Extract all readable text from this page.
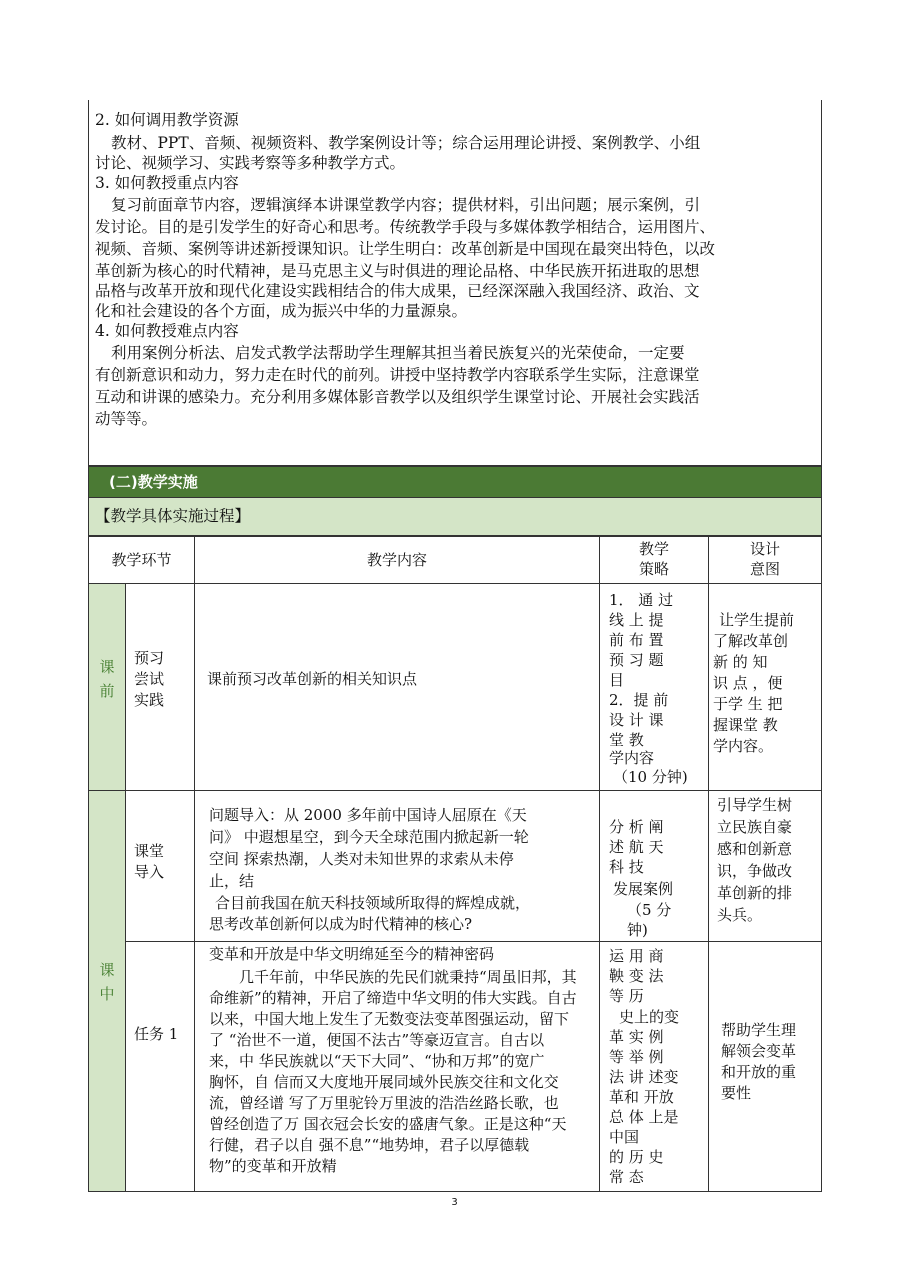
2. 如何调用教学资源
教材、PPT、音频、视频资料、教学案例设计等；综合运用理论讲授、案例教学、小组
讨论、视频学习、实践考察等多种教学方式。
3. 如何教授重点内容
复习前面章节内容，逻辑演绎本讲课堂教学内容；提供材料，引出问题；展示案例，引
发讨论。目的是引发学生的好奇心和思考。传统教学手段与多媒体教学相结合，运用图片、
视频、音频、案例等讲述新授课知识。让学生明白：改革创新是中国现在最突出特色，以改
革创新为核心的时代精神，是马克思主义与时俱进的理论品格、中华民族开拓进取的思想
品格与改革开放和现代化建设实践相结合的伟大成果，已经深深融入我国经济、政治、文
化和社会建设的各个方面，成为振兴中华的力量源泉。
4. 如何教授难点内容
利用案例分析法、启发式教学法帮助学生理解其担当着民族复兴的光荣使命，一定要
有创新意识和动力，努力走在时代的前列。讲授中坚持教学内容联系学生实际，注意课堂
互动和讲课的感染力。充分利用多媒体影音教学以及组织学生课堂讨论、开展社会实践活
动等等。
(二)教学实施
【教学具体实施过程】
教学环节	教学内容
教学
策略
设计
意图
课
前
预习
尝试
实践
课前预习改革创新的相关知识点
1． 通 过
线 上 提
前 布 置
预 习 题
目
2．提 前
设 计 课
堂 教
学内容
（10 分钟)
让学生提前
了解改革创
新 的 知
识 点 ，便
于学 生 把
握课堂 教
学内容。
课
中
课堂
导入
问题导入：从 2000 多年前中国诗人屈原在《天
问》 中遐想星空，到今天全球范围内掀起新一轮
空间 探索热潮，人类对未知世界的求索从未停
止，结
合目前我国在航天科技领域所取得的辉煌成就，
思考改革创新何以成为时代精神的核心?
分 析 阐
述 航 天
科 技
发展案例
（5 分
钟)
引导学生树
立民族自豪
感和创新意
识，争做改
革创新的排
头兵。
任务 1
变革和开放是中华文明绵延至今的精神密码
几千年前，中华民族的先民们就秉持“周虽旧邦，其
命维新”的精神，开启了缔造中华文明的伟大实践。自古
以来，中国大地上发生了无数变法变革图强运动，留下
了 “治世不一道，便国不法古”等豪迈宣言。自古以
来，中 华民族就以“天下大同”、“协和万邦”的宽广
胸怀，自 信而又大度地开展同域外民族交往和文化交
流，曾经谱 写了万里驼铃万里波的浩浩丝路长歌，也
曾经创造了万 国衣冠会长安的盛唐气象。正是这种“天
行健，君子以自 强不息”“地势坤，君子以厚德载
物”的变革和开放精
运 用 商
鞅 变 法
等 历
史上的变
革 实 例
等 举 例
法 讲 述变
革和 开放
总 体 上是
中国
的 历 史
常 态
帮助学生理
解领会变革
和开放的重
要性
3
